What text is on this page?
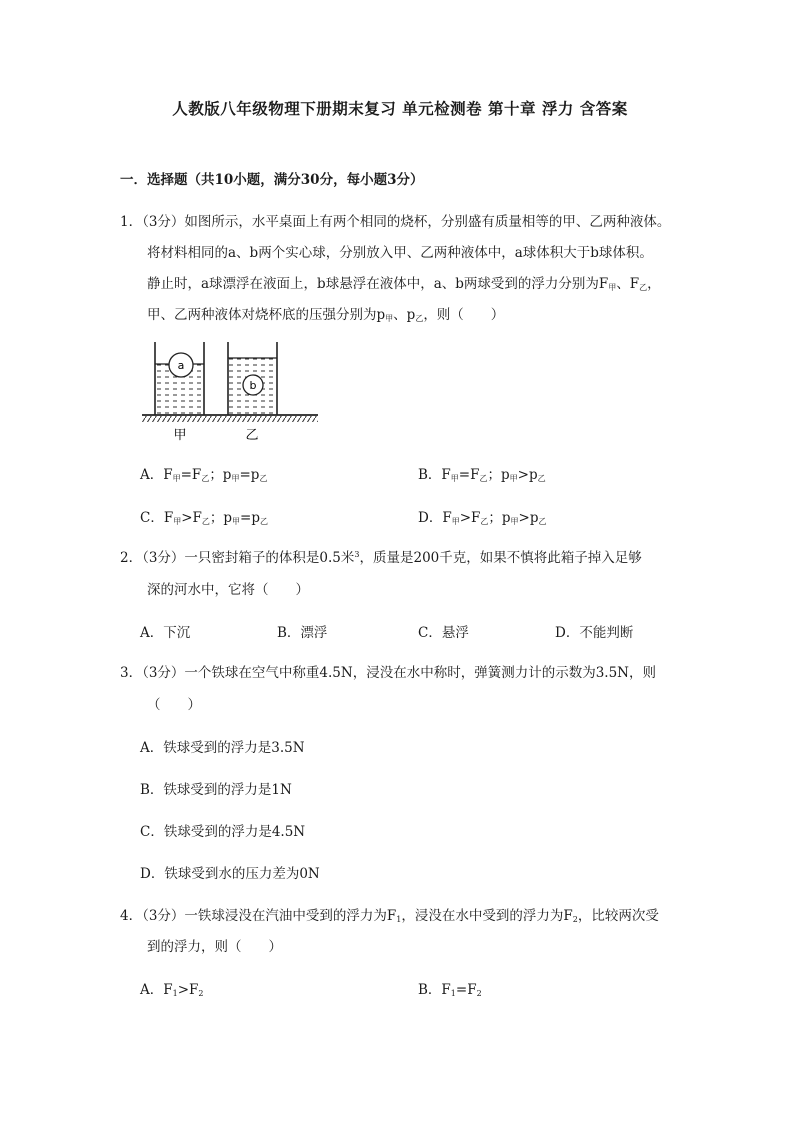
人教版八年级物理下册期末复习 单元检测卷 第十章 浮力 含答案
一．选择题（共10小题，满分30分，每小题3分）
1．（3分）如图所示，水平桌面上有两个相同的烧杯，分别盛有质量相等的甲、乙两种液体。
将材料相同的a、b两个实心球，分别放入甲、乙两种液体中，a球体积大于b球体积。
静止时，a球漂浮在液面上，b球悬浮在液体中，a、b两球受到的浮力分别为$F_甲$、$F_乙$，
甲、乙两种液体对烧杯底的压强分别为$p_甲$、$p_乙$，则（　　）
a
b
甲	乙
A．$F_甲=F_乙$；$p_甲=p_乙$	B．$F_甲=F_乙$；$p_甲>p_乙$
C．$F_甲>F_乙$；$p_甲=p_乙$	D．$F_甲>F_乙$；$p_甲>p_乙$
2．（3分）一只密封箱子的体积是0.5米$^3$，质量是200千克，如果不慎将此箱子掉入足够
深的河水中，它将（　　）
A．下沉	B．漂浮	C．悬浮	D．不能判断
3．（3分）一个铁球在空气中称重4.5N，浸没在水中称时，弹簧测力计的示数为3.5N，则
（　　）
A．铁球受到的浮力是3.5N
B．铁球受到的浮力是1N
C．铁球受到的浮力是4.5N
D．铁球受到水的压力差为0N
4．（3分）一铁球浸没在汽油中受到的浮力为$F_1$，浸没在水中受到的浮力为$F_2$，比较两次受
到的浮力，则（　　）
A．$F_1>F_2$	B．$F_1=F_2$
